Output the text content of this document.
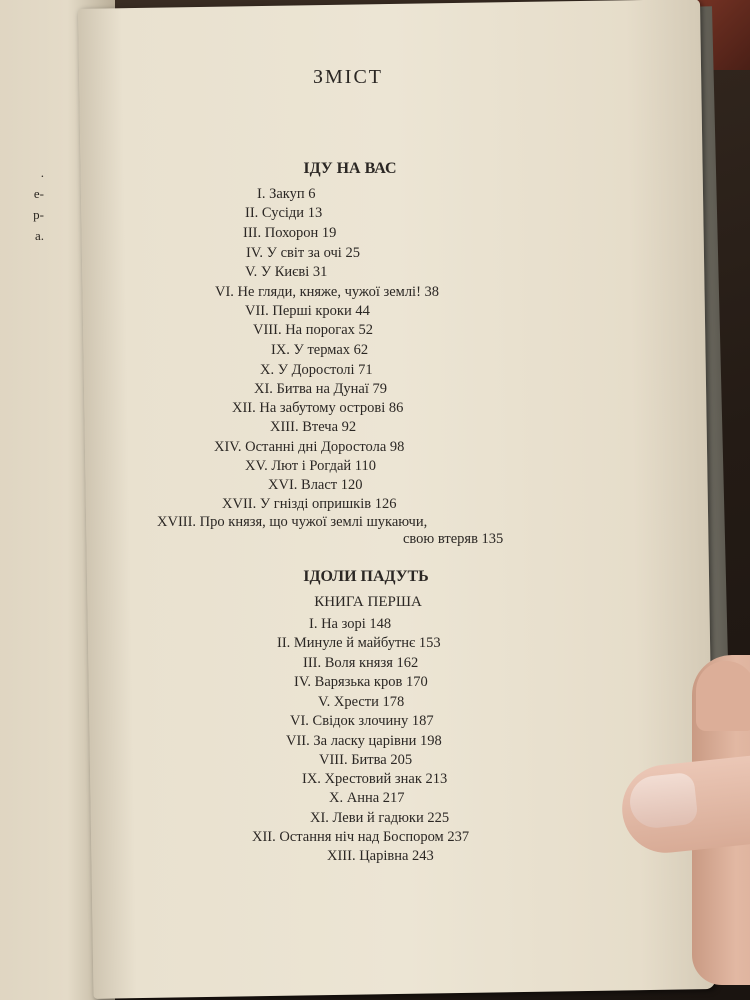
.
е-
р-
а.
ЗМІСТ
ІДУ НА ВАС
I. Закуп 6
II. Сусіди 13
III. Похорон 19
IV. У світ за очі 25
V. У Києві 31
VI. Не гляди, княже, чужої землі! 38
VII. Перші кроки 44
VIII. На порогах 52
IX. У термах 62
X. У Доростолі 71
XI. Битва на Дунаї 79
XII. На забутому острові 86
XIII. Втеча 92
XIV. Останні дні Доростола 98
XV. Лют і Рогдай 110
XVI. Власт 120
XVII. У гнізді опришків 126
XVIII. Про князя, що чужої землі шукаючи,
свою втеряв 135
ІДОЛИ ПАДУТЬ
КНИГА ПЕРША
I. На зорі 148
II. Минуле й майбутнє 153
III. Воля князя 162
IV. Варязька кров 170
V. Хрести 178
VI. Свідок злочину 187
VII. За ласку царівни 198
VIII. Битва 205
IX. Хрестовий знак 213
X. Анна 217
XI. Леви й гадюки 225
XII. Остання ніч над Боспором 237
XIII. Царівна 243
